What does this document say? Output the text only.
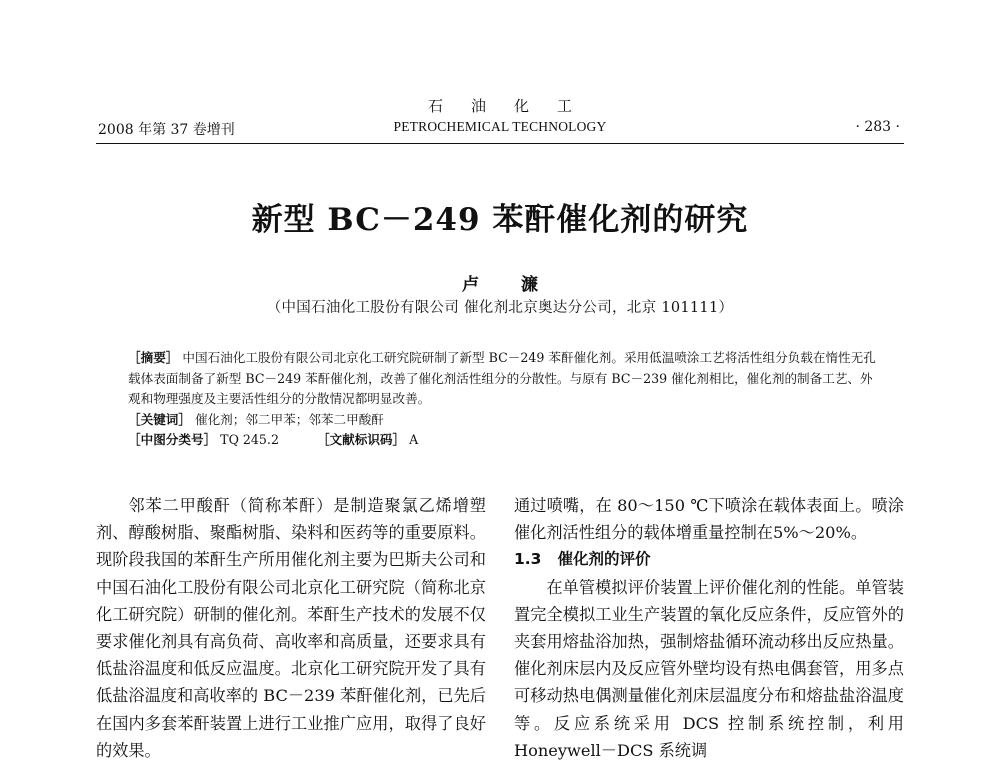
石油化工
2008 年第 37 卷增刊	PETROCHEMICAL TECHNOLOGY	· 283 ·
新型 BC－249 苯酐催化剂的研究
卢 濂
（中国石油化工股份有限公司 催化剂北京奥达分公司，北京 101111）

［摘要］ 中国石油化工股份有限公司北京化工研究院研制了新型 BC－249 苯酐催化剂。采用低温喷涂工艺将活性组分负载在惰性无孔载体表面制备了新型 BC－249 苯酐催化剂，改善了催化剂活性组分的分散性。与原有 BC－239 催化剂相比，催化剂的制备工艺、外观和物理强度及主要活性组分的分散情况都明显改善。

［关键词］ 催化剂；邻二甲苯；邻苯二甲酸酐

［中图分类号］ TQ 245.2	［文献标识码］ A

邻苯二甲酸酐（简称苯酐）是制造聚氯乙烯增塑剂、醇酸树脂、聚酯树脂、染料和医药等的重要原料。现阶段我国的苯酐生产所用催化剂主要为巴斯夫公司和中国石油化工股份有限公司北京化工研究院（简称北京化工研究院）研制的催化剂。苯酐生产技术的发展不仅要求催化剂具有高负荷、高收率和高质量，还要求具有低盐浴温度和低反应温度。北京化工研究院开发了具有低盐浴温度和高收率的 BC－239 苯酐催化剂，已先后在国内多套苯酐装置上进行工业推广应用，取得了良好的效果。

通过喷嘴，在 80～150 ℃下喷涂在载体表面上。喷涂催化剂活性组分的载体增重量控制在5%～20%。

1.3 催化剂的评价

在单管模拟评价装置上评价催化剂的性能。单管装置完全模拟工业生产装置的氧化反应条件，反应管外的夹套用熔盐浴加热，强制熔盐循环流动移出反应热量。催化剂床层内及反应管外壁均设有热电偶套管，用多点可移动热电偶测量催化剂床层温度分布和熔盐盐浴温度等。反应系统采用 DCS 控制系统控制，利用 Honeywell－DCS 系统调
